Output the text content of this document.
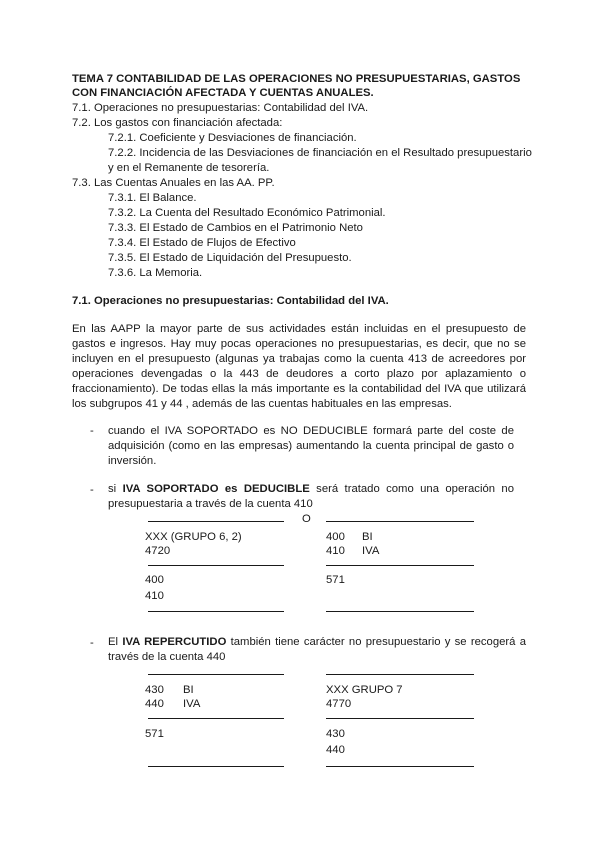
TEMA 7 CONTABILIDAD DE LAS OPERACIONES NO PRESUPUESTARIAS, GASTOS
CON FINANCIACIÓN AFECTADA Y CUENTAS ANUALES.
7.1. Operaciones no presupuestarias: Contabilidad del IVA.
7.2. Los gastos con financiación afectada:
7.2.1. Coeficiente y Desviaciones de financiación.
7.2.2. Incidencia de las Desviaciones de financiación en el Resultado presupuestario
y en el Remanente de tesorería.
7.3. Las Cuentas Anuales en las AA. PP.
7.3.1. El Balance.
7.3.2. La Cuenta del Resultado Económico Patrimonial.
7.3.3. El Estado de Cambios en el Patrimonio Neto
7.3.4. El Estado de Flujos de Efectivo
7.3.5. El Estado de Liquidación del Presupuesto.
7.3.6. La Memoria.
7.1. Operaciones no presupuestarias: Contabilidad del IVA.

En las AAPP la mayor parte de sus actividades están incluidas en el presupuesto de gastos e ingresos. Hay muy pocas operaciones no presupuestarias, es decir, que no se incluyen en el presupuesto (algunas ya trabajas como la cuenta 413 de acreedores por operaciones devengadas o la 443 de deudores a corto plazo por aplazamiento o fraccionamiento). De todas ellas la más importante es la contabilidad del IVA que utilizará los subgrupos 41 y 44 , además de las cuentas habituales en las empresas.

- cuando el IVA SOPORTADO es NO DEDUCIBLE formará parte del coste de adquisición (como en las empresas) aumentando la cuenta principal de gasto o inversión.
- si IVA SOPORTADO es DEDUCIBLE será tratado como una operación no presupuestaria a través de la cuenta 410
O
XXX (GRUPO 6, 2)
4720
400 BI
410 IVA
400
410
571
- El IVA REPERCUTIDO también tiene carácter no presupuestario y se recogerá a través de la cuenta 440
430 BI
440 IVA
XXX GRUPO 7
4770
571	430
440
